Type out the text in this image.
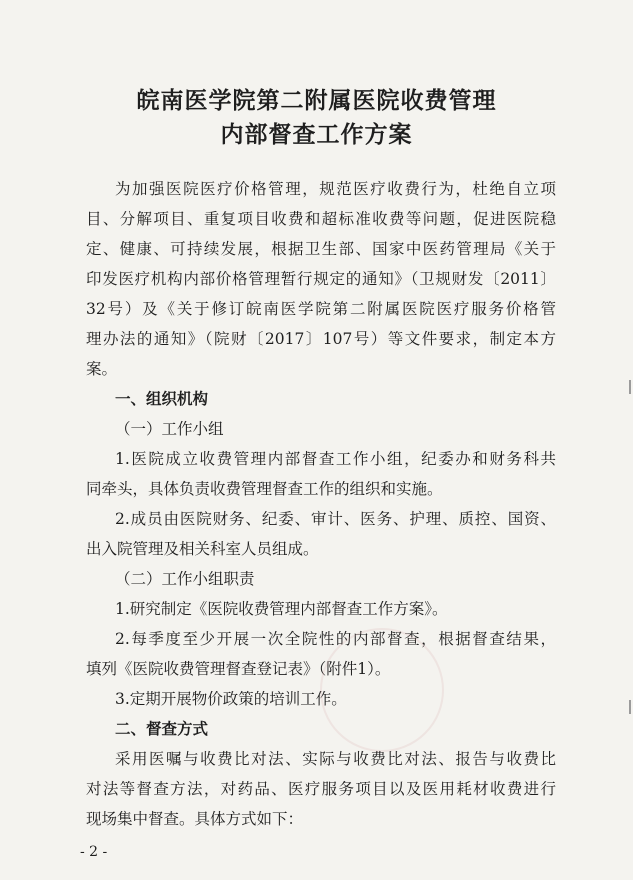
皖南医学院第二附属医院收费管理
内部督查工作方案
为加强医院医疗价格管理，规范医疗收费行为，杜绝自立项
目、分解项目、重复项目收费和超标准收费等问题，促进医院稳
定、健康、可持续发展，根据卫生部、国家中医药管理局《关于
印发医疗机构内部价格管理暂行规定的通知》（卫规财发〔2011〕
32号）及《关于修订皖南医学院第二附属医院医疗服务价格管
理办法的通知》（院财〔2017〕107号）等文件要求，制定本方
案。
一、组织机构
（一）工作小组
1.医院成立收费管理内部督查工作小组，纪委办和财务科共
同牵头，具体负责收费管理督查工作的组织和实施。
2.成员由医院财务、纪委、审计、医务、护理、质控、国资、
出入院管理及相关科室人员组成。
（二）工作小组职责
1.研究制定《医院收费管理内部督查工作方案》。
2.每季度至少开展一次全院性的内部督查，根据督查结果，
填列《医院收费管理督查登记表》（附件1）。
3.定期开展物价政策的培训工作。
二、督查方式
采用医嘱与收费比对法、实际与收费比对法、报告与收费比
对法等督查方法，对药品、医疗服务项目以及医用耗材收费进行
现场集中督查。具体方式如下：
- 2 -
